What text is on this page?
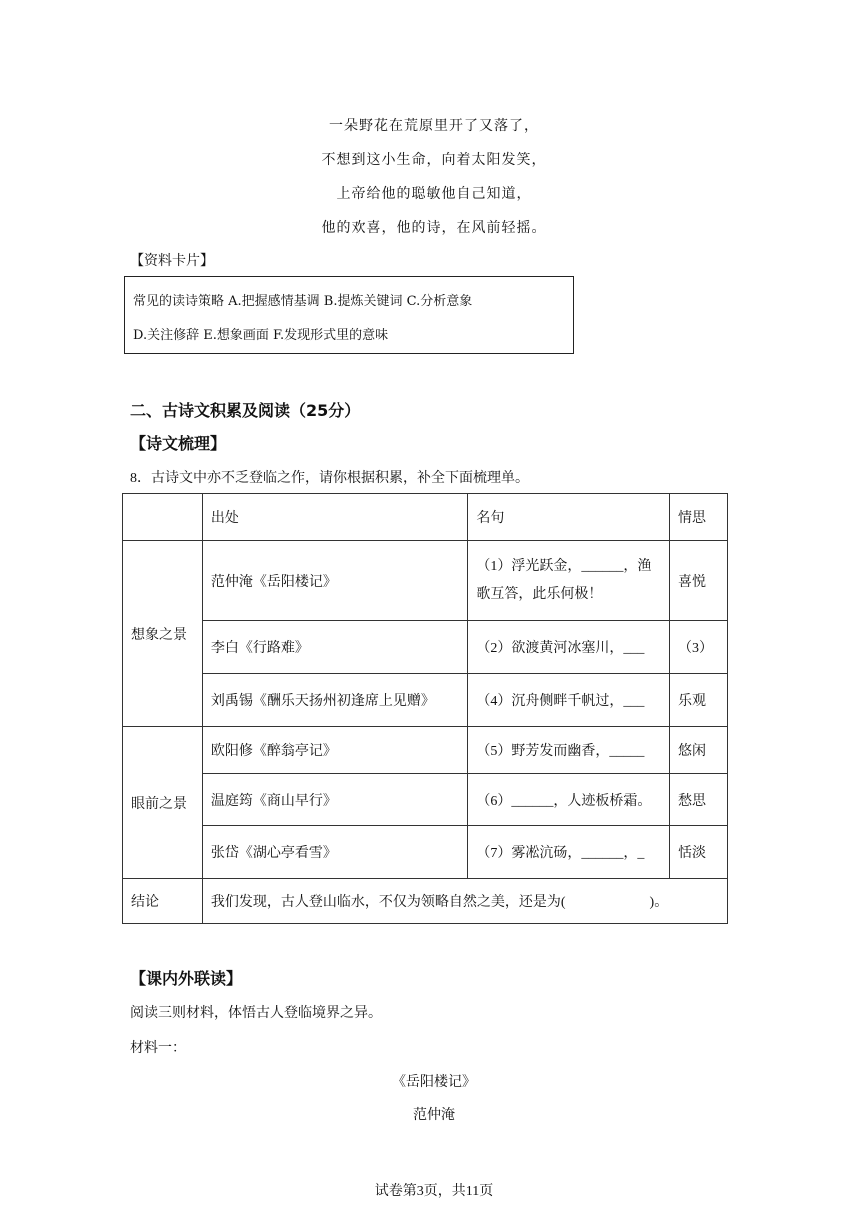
一朵野花在荒原里开了又落了，
不想到这小生命，向着太阳发笑，
上帝给他的聪敏他自己知道，
他的欢喜，他的诗，在风前轻摇。
【资料卡片】
常见的读诗策略 A.把握感情基调 B.提炼关键词 C.分析意象
D.关注修辞 E.想象画面 F.发现形式里的意味
二、古诗文积累及阅读（25分）
【诗文梳理】
8．古诗文中亦不乏登临之作，请你根据积累，补全下面梳理单。
	出处	名句	情思
想象之景	范仲淹《岳阳楼记》	（1）浮光跃金，______，渔歌互答，此乐何极！	喜悦
	李白《行路难》	（2）欲渡黄河冰塞川，___	（3）
	刘禹锡《酬乐天扬州初逢席上见赠》	（4）沉舟侧畔千帆过，___	乐观
眼前之景	欧阳修《醉翁亭记》	（5）野芳发而幽香，_____	悠闲
	温庭筠《商山早行》	（6）______，人迹板桥霜。	愁思
	张岱《湖心亭看雪》	（7）雾凇沆砀，______，_	恬淡
结论	我们发现，古人登山临水，不仅为领略自然之美，还是为(　　　　　　)。		
【课内外联读】
阅读三则材料，体悟古人登临境界之异。
材料一：
《岳阳楼记》
范仲淹
试卷第3页，共11页
